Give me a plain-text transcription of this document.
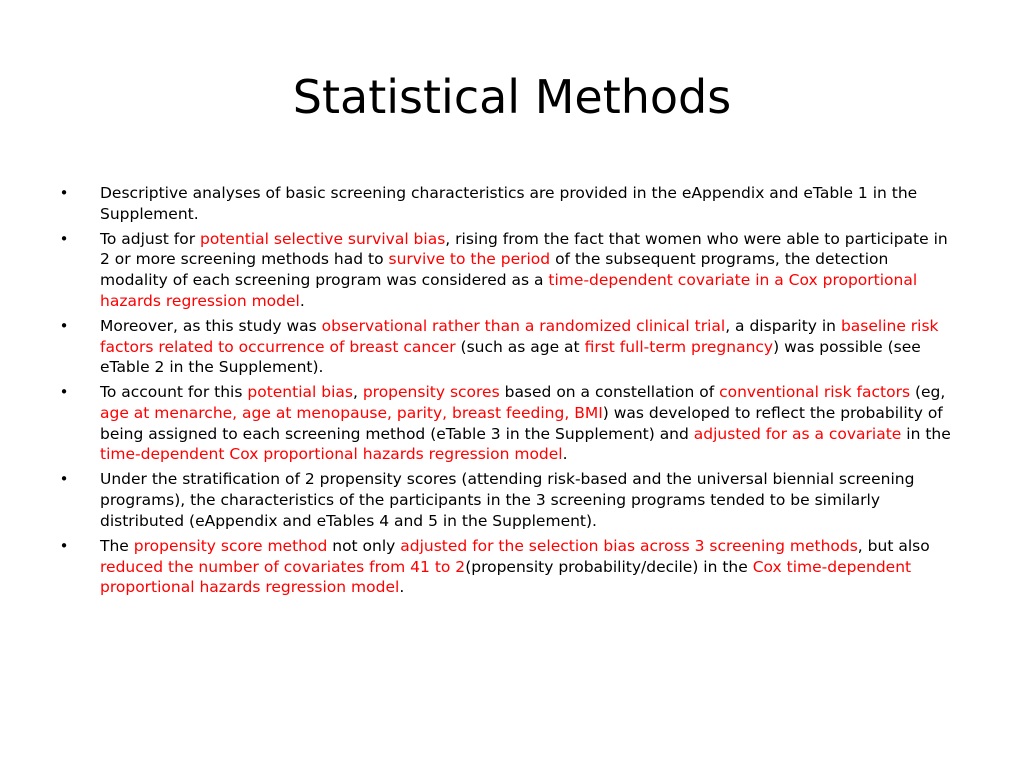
Statistical Methods
• Descriptive analyses of basic screening characteristics are provided in the eAppendix and eTable 1 in the Supplement.
• To adjust for potential selective survival bias, rising from the fact that women who were able to participate in 2 or more screening methods had to survive to the period of the subsequent programs, the detection modality of each screening program was considered as a time-dependent covariate in a Cox proportional hazards regression model.
• Moreover, as this study was observational rather than a randomized clinical trial, a disparity in baseline risk factors related to occurrence of breast cancer (such as age at first full-term pregnancy) was possible (see eTable 2 in the Supplement).
• To account for this potential bias, propensity scores based on a constellation of conventional risk factors (eg, age at menarche, age at menopause, parity, breast feeding, BMI) was developed to reflect the probability of being assigned to each screening method (eTable 3 in the Supplement) and adjusted for as a covariate in the time-dependent Cox proportional hazards regression model.
• Under the stratification of 2 propensity scores (attending risk-based and the universal biennial screening programs), the characteristics of the participants in the 3 screening programs tended to be similarly distributed (eAppendix and eTables 4 and 5 in the Supplement).
• The propensity score method not only adjusted for the selection bias across 3 screening methods, but also reduced the number of covariates from 41 to 2(propensity probability/decile) in the Cox time-dependent proportional hazards regression model.
